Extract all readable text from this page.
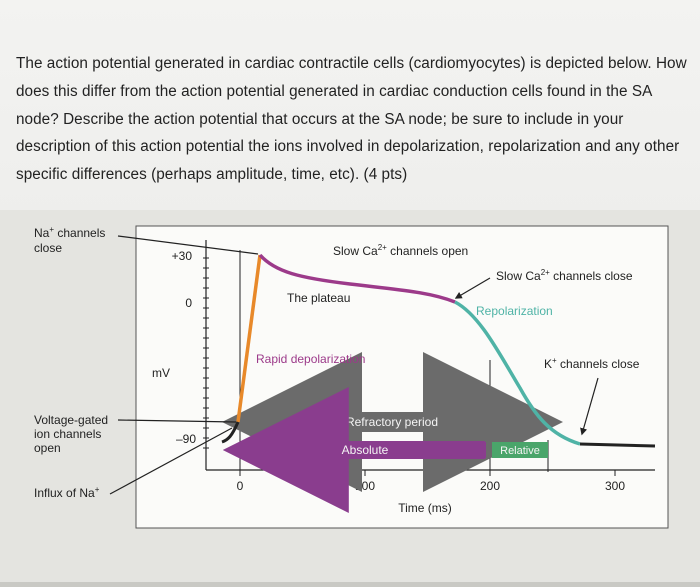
The action potential generated in cardiac contractile cells (cardiomyocytes) is depicted below. How does this differ from the action potential generated in cardiac conduction cells found in the SA node? Describe the action potential that occurs at the SA node; be sure to include in your description of this action potential the ions involved in depolarization, repolarization and any other specific differences (perhaps amplitude, time, etc). (4 pts)
+30
0
–90
mV
0	100	200	300
Time (ms)
Refractory period
Absolute	Relative
Na+ channels
close
Voltage-gated
ion channels
open
Influx of Na+
Slow $Ca^{2+}$ channels open
Slow $Ca^{2+}$ channels close
The plateau
Repolarization
Rapid depolarization	K+ channels close
